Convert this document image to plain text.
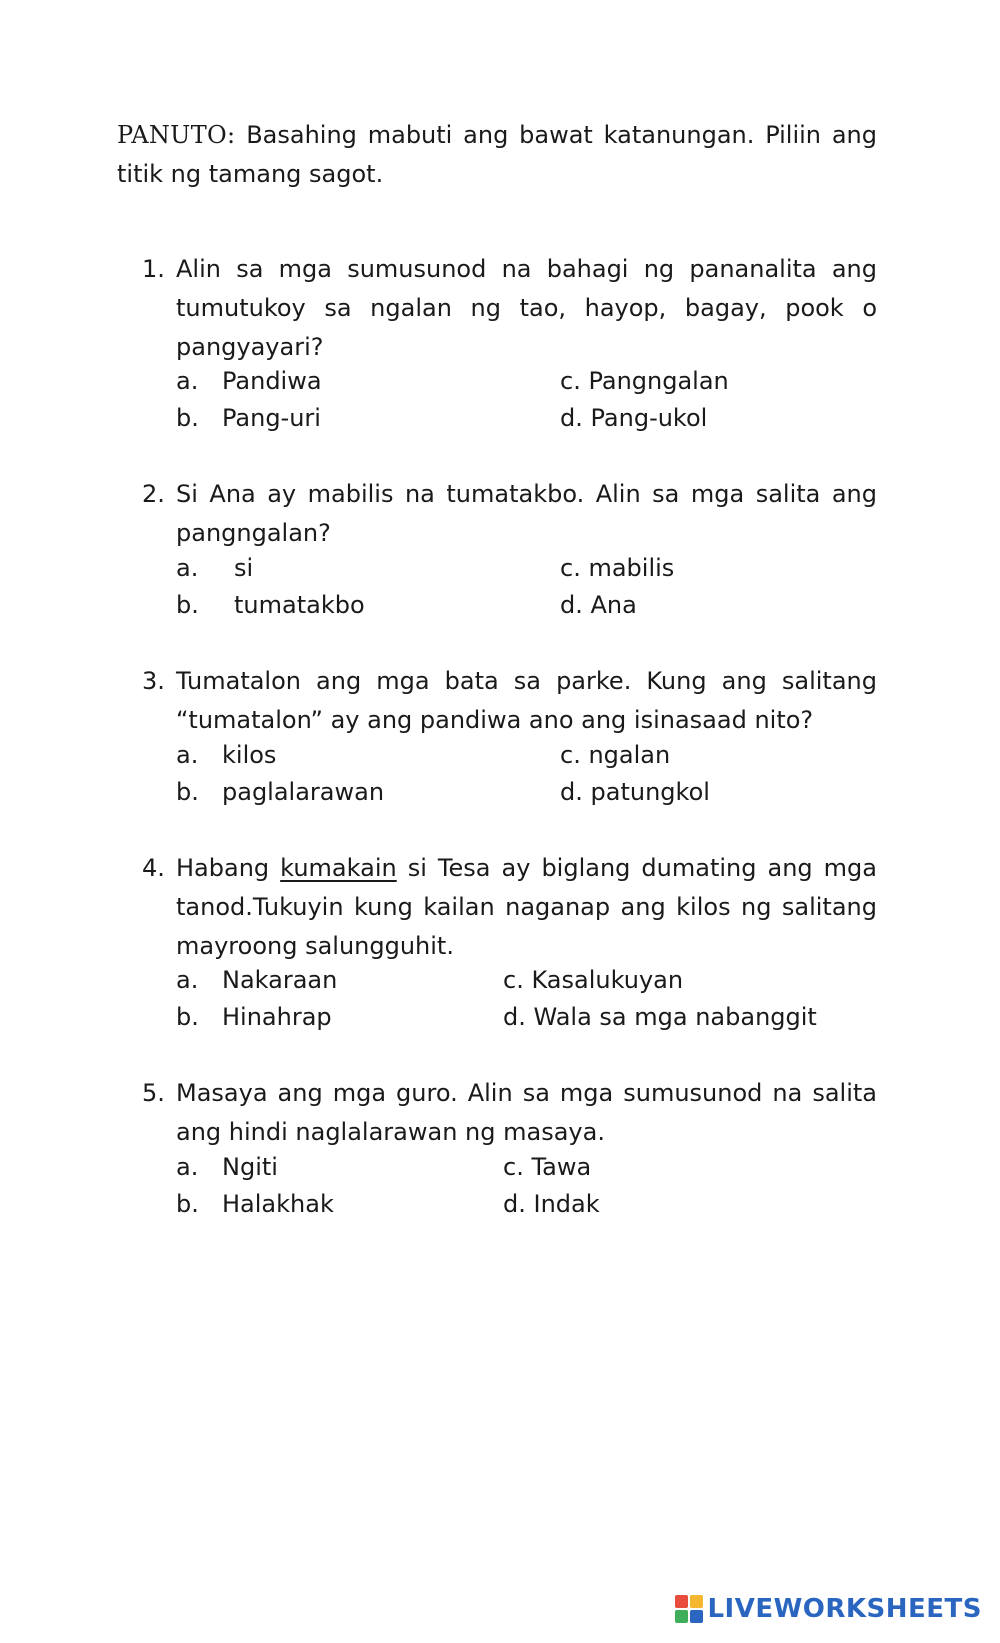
PANUTO: Basahing mabuti ang bawat katanungan. Piliin ang titik ng tamang sagot.
1. Alin sa mga sumusunod na bahagi ng pananalita ang tumutukoy sa ngalan ng tao, hayop, bagay, pook o pangyayari?
a. Pandiwa
b. Pang-uri
c. Pangngalan
d. Pang-ukol
2. Si Ana ay mabilis na tumatakbo. Alin sa mga salita ang pangngalan?
a. si
b. tumatakbo
c. mabilis
d. Ana
3. Tumatalon ang mga bata sa parke. Kung ang salitang “tumatalon” ay ang pandiwa ano ang isinasaad nito?
a. kilos
b. paglalarawan
c. ngalan
d. patungkol
4. Habang kumakain si Tesa ay biglang dumating ang mga tanod.Tukuyin kung kailan naganap ang kilos ng salitang mayroong salungguhit.
a. Nakaraan
b. Hinahrap
c. Kasalukuyan
d. Wala sa mga nabanggit
5. Masaya ang mga guro. Alin sa mga sumusunod na salita ang hindi naglalarawan ng masaya.
a. Ngiti
b. Halakhak
c. Tawa
d. Indak
LIVEWORKSHEETS
